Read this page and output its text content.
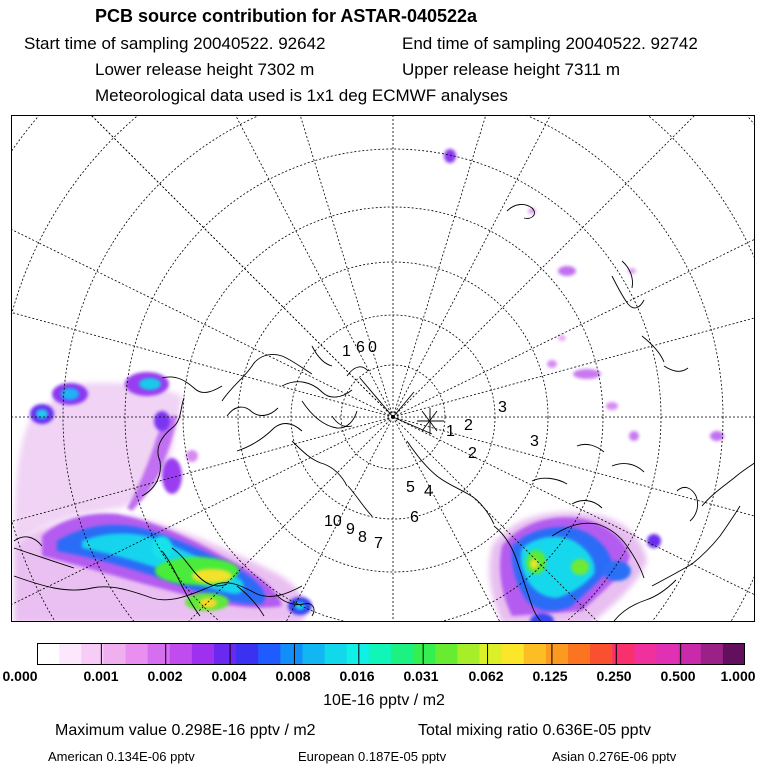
PCB source contribution for ASTAR-040522a
Start time of sampling 20040522. 92642	End time of sampling 20040522. 92742
Lower release height 7302 m	Upper release height 7311 m
Meteorological data used is 1x1 deg ECMWF analyses
1 6 0
2
3
1
2
4
5
6
7
8
9
10
3
0.000	0.001 0.002 0.004 0.008 0.016 0.031 0.062 0.125 0.250 0.500 1.000
10E-16 pptv / m2
Maximum value 0.298E-16 pptv / m2	Total mixing ratio 0.636E-05 pptv
American 0.134E-06 pptv	European 0.187E-05 pptv	Asian 0.276E-06 pptv
